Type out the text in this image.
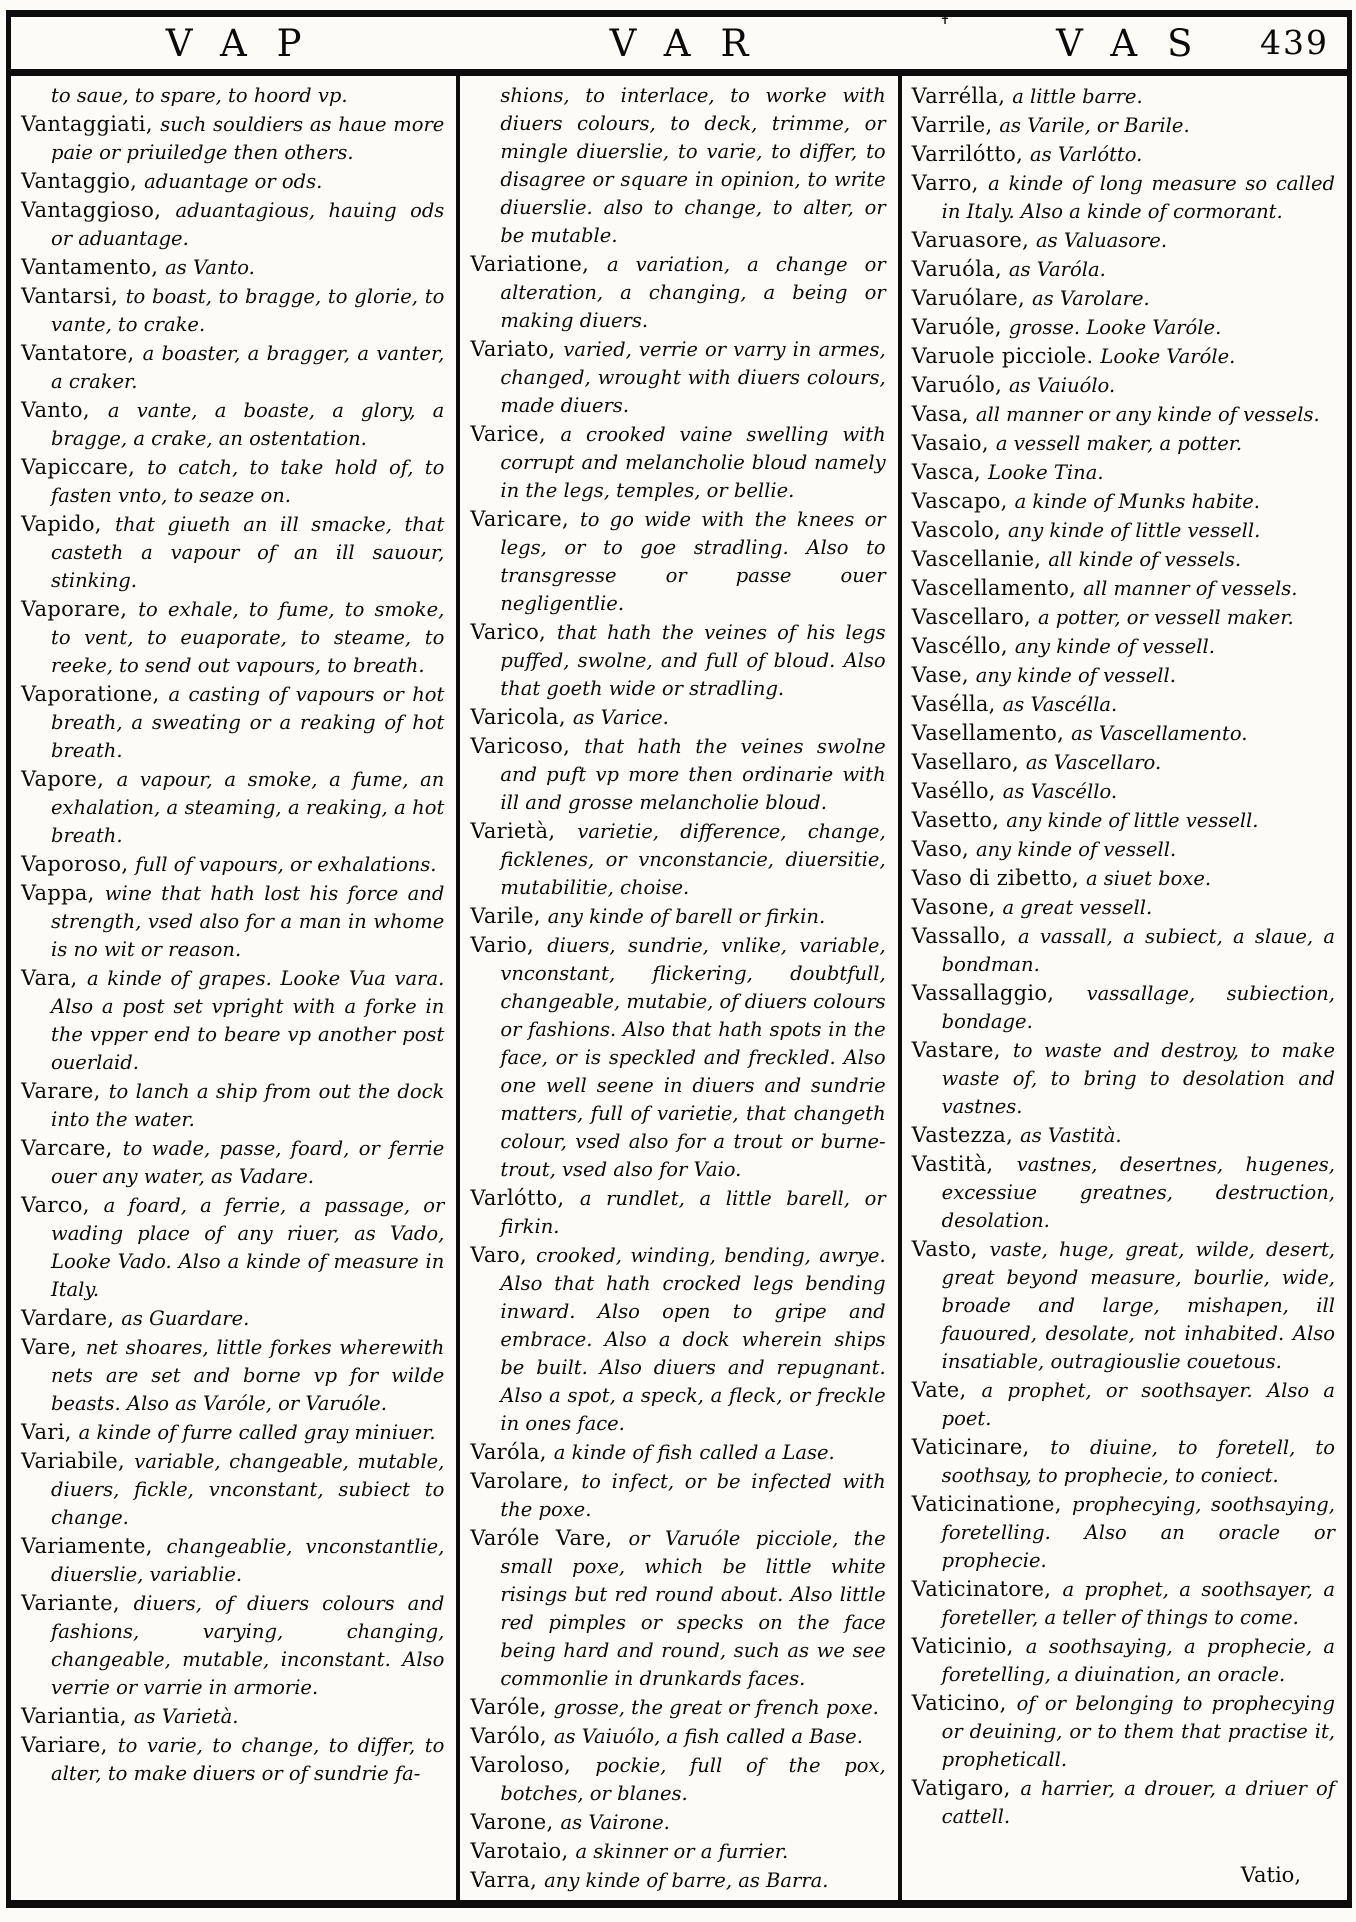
✝
VAP	VAR	VAS	439

to saue, to spare, to hoord vp.

Vantaggiati, such souldiers as haue more paie or priuiledge then others.

Vantaggio, aduantage or ods.

Vantaggioso, aduantagious, hauing ods or aduantage.

Vantamento, as Vanto.

Vantarsi, to boast, to bragge, to glorie, to vante, to crake.

Vantatore, a boaster, a bragger, a vanter, a craker.

Vanto, a vante, a boaste, a glory, a bragge, a crake, an ostentation.

Vapiccare, to catch, to take hold of, to fasten vnto, to seaze on.

Vapido, that giueth an ill smacke, that casteth a vapour of an ill sauour, stinking.

Vaporare, to exhale, to fume, to smoke, to vent, to euaporate, to steame, to reeke, to send out vapours, to breath.

Vaporatione, a casting of vapours or hot breath, a sweating or a reaking of hot breath.

Vapore, a vapour, a smoke, a fume, an exhalation, a steaming, a reaking, a hot breath.

Vaporoso, full of vapours, or exhalations.

Vappa, wine that hath lost his force and strength, vsed also for a man in whome is no wit or reason.

Vara, a kinde of grapes. Looke Vua vara. Also a post set vpright with a forke in the vpper end to beare vp another post ouerlaid.

Varare, to lanch a ship from out the dock into the water.

Varcare, to wade, passe, foard, or ferrie ouer any water, as Vadare.

Varco, a foard, a ferrie, a passage, or wading place of any riuer, as Vado, Looke Vado. Also a kinde of measure in Italy.

Vardare, as Guardare.

Vare, net shoares, little forkes wherewith nets are set and borne vp for wilde beasts. Also as Varóle, or Varuóle.

Vari, a kinde of furre called gray miniuer.

Variabile, variable, changeable, mutable, diuers, fickle, vnconstant, subiect to change.

Variamente, changeablie, vnconstantlie, diuerslie, variablie.

Variante, diuers, of diuers colours and fashions, varying, changing, changeable, mutable, inconstant. Also verrie or varrie in armorie.

Variantia, as Varietà.

Variare, to varie, to change, to differ, to alter, to make diuers or of sundrie fa-

shions, to interlace, to worke with diuers colours, to deck, trimme, or mingle diuerslie, to varie, to differ, to disagree or square in opinion, to write diuerslie. also to change, to alter, or be mutable.

Variatione, a variation, a change or alteration, a changing, a being or making diuers.

Variato, varied, verrie or varry in armes, changed, wrought with diuers colours, made diuers.

Varice, a crooked vaine swelling with corrupt and melancholie bloud namely in the legs, temples, or bellie.

Varicare, to go wide with the knees or legs, or to goe stradling. Also to transgresse or passe ouer negligentlie.

Varico, that hath the veines of his legs puffed, swolne, and full of bloud. Also that goeth wide or stradling.

Varicola, as Varice.

Varicoso, that hath the veines swolne and puft vp more then ordinarie with ill and grosse melancholie bloud.

Varietà, varietie, difference, change, ficklenes, or vnconstancie, diuersitie, mutabilitie, choise.

Varile, any kinde of barell or firkin.

Vario, diuers, sundrie, vnlike, variable, vnconstant, flickering, doubtfull, changeable, mutabie, of diuers colours or fashions. Also that hath spots in the face, or is speckled and freckled. Also one well seene in diuers and sundrie matters, full of varietie, that changeth colour, vsed also for a trout or burne-trout, vsed also for Vaio.

Varlótto, a rundlet, a little barell, or firkin.

Varo, crooked, winding, bending, awrye. Also that hath crocked legs bending inward. Also open to gripe and embrace. Also a dock wherein ships be built. Also diuers and repugnant. Also a spot, a speck, a fleck, or freckle in ones face.

Varóla, a kinde of fish called a Lase.

Varolare, to infect, or be infected with the poxe.

Varóle Vare, or Varuóle picciole, the small poxe, which be little white risings but red round about. Also little red pimples or specks on the face being hard and round, such as we see commonlie in drunkards faces.

Varóle, grosse, the great or french poxe.

Varólo, as Vaiuólo, a fish called a Base.

Varoloso, pockie, full of the pox, botches, or blanes.

Varone, as Vairone.

Varotaio, a skinner or a furrier.

Varra, any kinde of barre, as Barra.

Varrélla, a little barre.

Varrile, as Varile, or Barile.

Varrilótto, as Varlótto.

Varro, a kinde of long measure so called in Italy. Also a kinde of cormorant.

Varuasore, as Valuasore.

Varuóla, as Varóla.

Varuólare, as Varolare.

Varuóle, grosse. Looke Varóle.

Varuole picciole. Looke Varóle.

Varuólo, as Vaiuólo.

Vasa, all manner or any kinde of vessels.

Vasaio, a vessell maker, a potter.

Vasca, Looke Tina.

Vascapo, a kinde of Munks habite.

Vascolo, any kinde of little vessell.

Vascellanie, all kinde of vessels.

Vascellamento, all manner of vessels.

Vascellaro, a potter, or vessell maker.

Vascéllo, any kinde of vessell.

Vase, any kinde of vessell.

Vasélla, as Vascélla.

Vasellamento, as Vascellamento.

Vasellaro, as Vascellaro.

Vaséllo, as Vascéllo.

Vasetto, any kinde of little vessell.

Vaso, any kinde of vessell.

Vaso di zibetto, a siuet boxe.

Vasone, a great vessell.

Vassallo, a vassall, a subiect, a slaue, a bondman.

Vassallaggio, vassallage, subiection, bondage.

Vastare, to waste and destroy, to make waste of, to bring to desolation and vastnes.

Vastezza, as Vastità.

Vastità, vastnes, desertnes, hugenes, excessiue greatnes, destruction, desolation.

Vasto, vaste, huge, great, wilde, desert, great beyond measure, bourlie, wide, broade and large, mishapen, ill fauoured, desolate, not inhabited. Also insatiable, outragiouslie couetous.

Vate, a prophet, or soothsayer. Also a poet.

Vaticinare, to diuine, to foretell, to soothsay, to prophecie, to coniect.

Vaticinatione, prophecying, soothsaying, foretelling. Also an oracle or prophecie.

Vaticinatore, a prophet, a soothsayer, a foreteller, a teller of things to come.

Vaticinio, a soothsaying, a prophecie, a foretelling, a diuination, an oracle.

Vaticino, of or belonging to prophecying or deuining, or to them that practise it, propheticall.

Vatigaro, a harrier, a drouer, a driuer of cattell.

Vatio,
